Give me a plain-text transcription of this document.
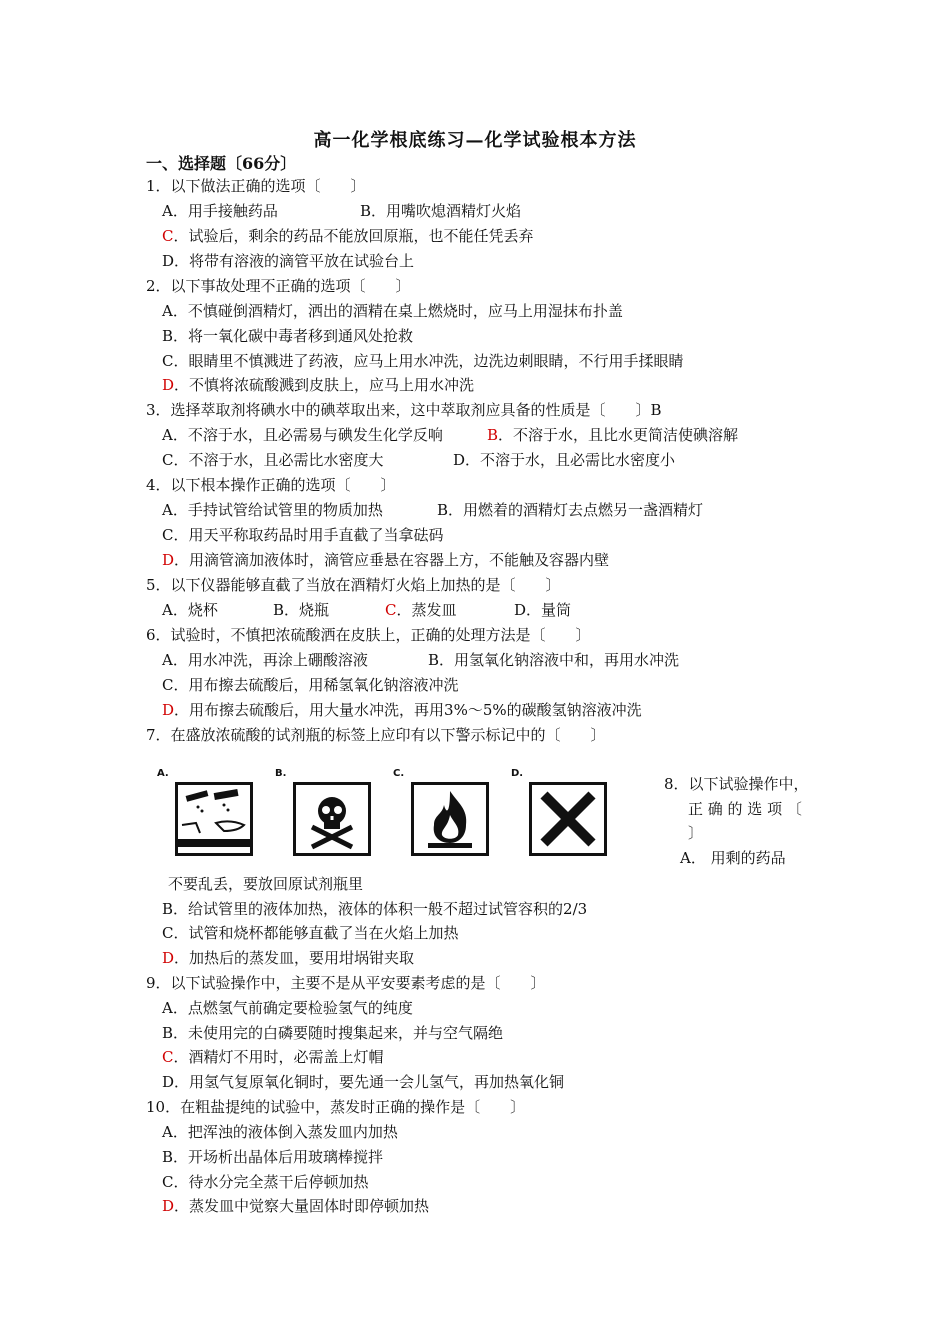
高一化学根底练习—化学试验根本方法
一、选择题〔66分〕
1．以下做法正确的选项〔　　〕
A．用手接触药品	B．用嘴吹熄酒精灯火焰
C．试验后，剩余的药品不能放回原瓶，也不能任凭丢弃
D．将带有溶液的滴管平放在试验台上
2．以下事故处理不正确的选项〔　　〕
A．不慎碰倒酒精灯，洒出的酒精在桌上燃烧时，应马上用湿抹布扑盖
B．将一氧化碳中毒者移到通风处抢救
C．眼睛里不慎溅进了药液，应马上用水冲洗，边洗边刺眼睛，不行用手揉眼睛
D．不慎将浓硫酸溅到皮肤上，应马上用水冲洗
3．选择萃取剂将碘水中的碘萃取出来，这中萃取剂应具备的性质是〔　　〕B
A．不溶于水，且必需易与碘发生化学反响	B．不溶于水，且比水更简洁使碘溶解
C．不溶于水，且必需比水密度大	D．不溶于水，且必需比水密度小
4．以下根本操作正确的选项〔　　〕
A．手持试管给试管里的物质加热	B．用燃着的酒精灯去点燃另一盏酒精灯
C．用天平称取药品时用手直截了当拿砝码
D．用滴管滴加液体时，滴管应垂悬在容器上方，不能触及容器内壁
5．以下仪器能够直截了当放在酒精灯火焰上加热的是〔　　〕
A．烧杯	B．烧瓶	C．蒸发皿	D．量筒
6．试验时，不慎把浓硫酸洒在皮肤上，正确的处理方法是〔　　〕
A．用水冲洗，再涂上硼酸溶液	B．用氢氧化钠溶液中和，再用水冲洗
C．用布擦去硫酸后，用稀氢氧化钠溶液冲洗
D．用布擦去硫酸后，用大量水冲洗，再用3%～5%的碳酸氢钠溶液冲洗
7．在盛放浓硫酸的试剂瓶的标签上应印有以下警示标记中的〔　　〕
A.	B.	C.	D.
8．以下试验操作中，
正 确 的 选 项 〔
〕
A． 用剩的药品
不要乱丢，要放回原试剂瓶里
B．给试管里的液体加热，液体的体积一般不超过试管容积的2/3
C．试管和烧杯都能够直截了当在火焰上加热
D．加热后的蒸发皿，要用坩埚钳夹取
9．以下试验操作中，主要不是从平安要素考虑的是〔　　〕
A．点燃氢气前确定要检验氢气的纯度
B．未使用完的白磷要随时搜集起来，并与空气隔绝
C．酒精灯不用时，必需盖上灯帽
D．用氢气复原氧化铜时，要先通一会儿氢气，再加热氧化铜
10．在粗盐提纯的试验中，蒸发时正确的操作是〔　　〕
A．把浑浊的液体倒入蒸发皿内加热
B．开场析出晶体后用玻璃棒搅拌
C．待水分完全蒸干后停顿加热
D．蒸发皿中觉察大量固体时即停顿加热
